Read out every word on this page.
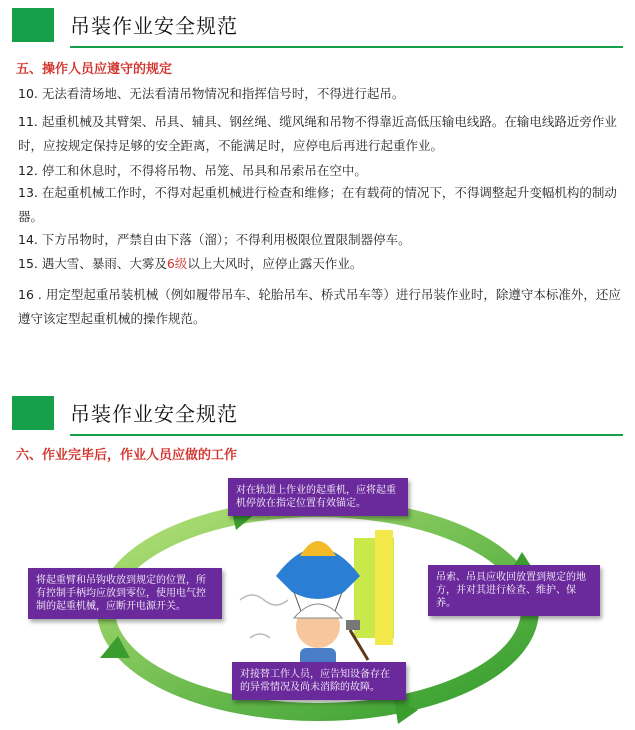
吊装作业安全规范
五、操作人员应遵守的规定
10. 无法看清场地、无法看清吊物情况和指挥信号时，不得进行起吊。
11. 起重机械及其臂架、吊具、辅具、钢丝绳、缆风绳和吊物不得靠近高低压输电线路。在输电线路近旁作业时，应按规定保持足够的安全距离，不能满足时，应停电后再进行起重作业。
12. 停工和休息时，不得将吊物、吊笼、吊具和吊索吊在空中。
13. 在起重机械工作时，不得对起重机械进行检查和维修；在有载荷的情况下，不得调整起升变幅机构的制动器。
14. 下方吊物时，严禁自由下落（溜）；不得利用极限位置限制器停车。
15. 遇大雪、暴雨、大雾及6级以上大风时，应停止露天作业。
16 . 用定型起重吊装机械（例如履带吊车、轮胎吊车、桥式吊车等）进行吊装作业时，除遵守本标准外，还应遵守该定型起重机械的操作规范。
吊装作业安全规范
六、作业完毕后，作业人员应做的工作
对在轨道上作业的起重机，应将起重机停放在指定位置有效锚定。
吊索、吊具应收回放置到规定的地方，并对其进行检查、维护、保养。
对接替工作人员，应告知设备存在的异常情况及尚未消除的故障。
将起重臂和吊钩收放到规定的位置，所有控制手柄均应放到零位，使用电气控制的起重机械，应断开电源开关。
